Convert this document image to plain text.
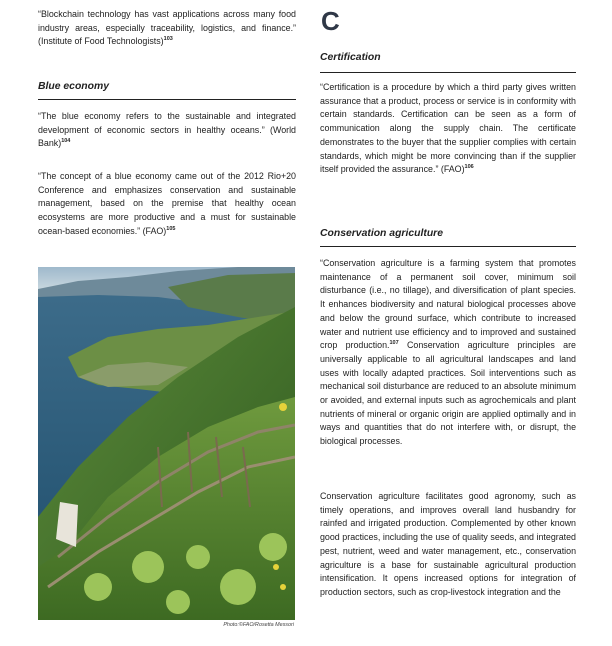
“Blockchain technology has vast applications across many food industry areas, especially traceability, logistics, and finance.” (Institute of Food Technologists)$^{103}$

Blue economy

“The blue economy refers to the sustainable and integrated development of economic sectors in healthy oceans.” (World Bank)$^{104}$

“The concept of a blue economy came out of the 2012 Rio+20 Conference and emphasizes conservation and sustainable management, based on the premise that healthy ocean ecosystems are more productive and a must for sustainable ocean-based economies.” (FAO)$^{105}$

Photo:©FAO/Rosetta Messori
C
Certification

“Certification is a procedure by which a third party gives written assurance that a product, process or service is in conformity with certain standards. Certification can be seen as a form of communication along the supply chain. The certificate demonstrates to the buyer that the supplier complies with certain standards, which might be more convincing than if the supplier itself provided the assurance.” (FAO)$^{106}$

Conservation agriculture

“Conservation agriculture is a farming system that promotes maintenance of a permanent soil cover, minimum soil disturbance (i.e., no tillage), and diversification of plant species. It enhances biodiversity and natural biological processes above and below the ground surface, which contribute to increased water and nutrient use efficiency and to improved and sustained crop production.$^{107}$ Conservation agriculture principles are universally applicable to all agricultural landscapes and land uses with locally adapted practices. Soil interventions such as mechanical soil disturbance are reduced to an absolute minimum or avoided, and external inputs such as agrochemicals and plant nutrients of mineral or organic origin are applied optimally and in ways and quantities that do not interfere with, or disrupt, the biological processes.

Conservation agriculture facilitates good agronomy, such as timely operations, and improves overall land husbandry for rainfed and irrigated production. Complemented by other known good practices, including the use of quality seeds, and integrated pest, nutrient, weed and water management, etc., conservation agriculture is a base for sustainable agricultural production intensification. It opens increased options for integration of production sectors, such as crop-livestock integration and the
